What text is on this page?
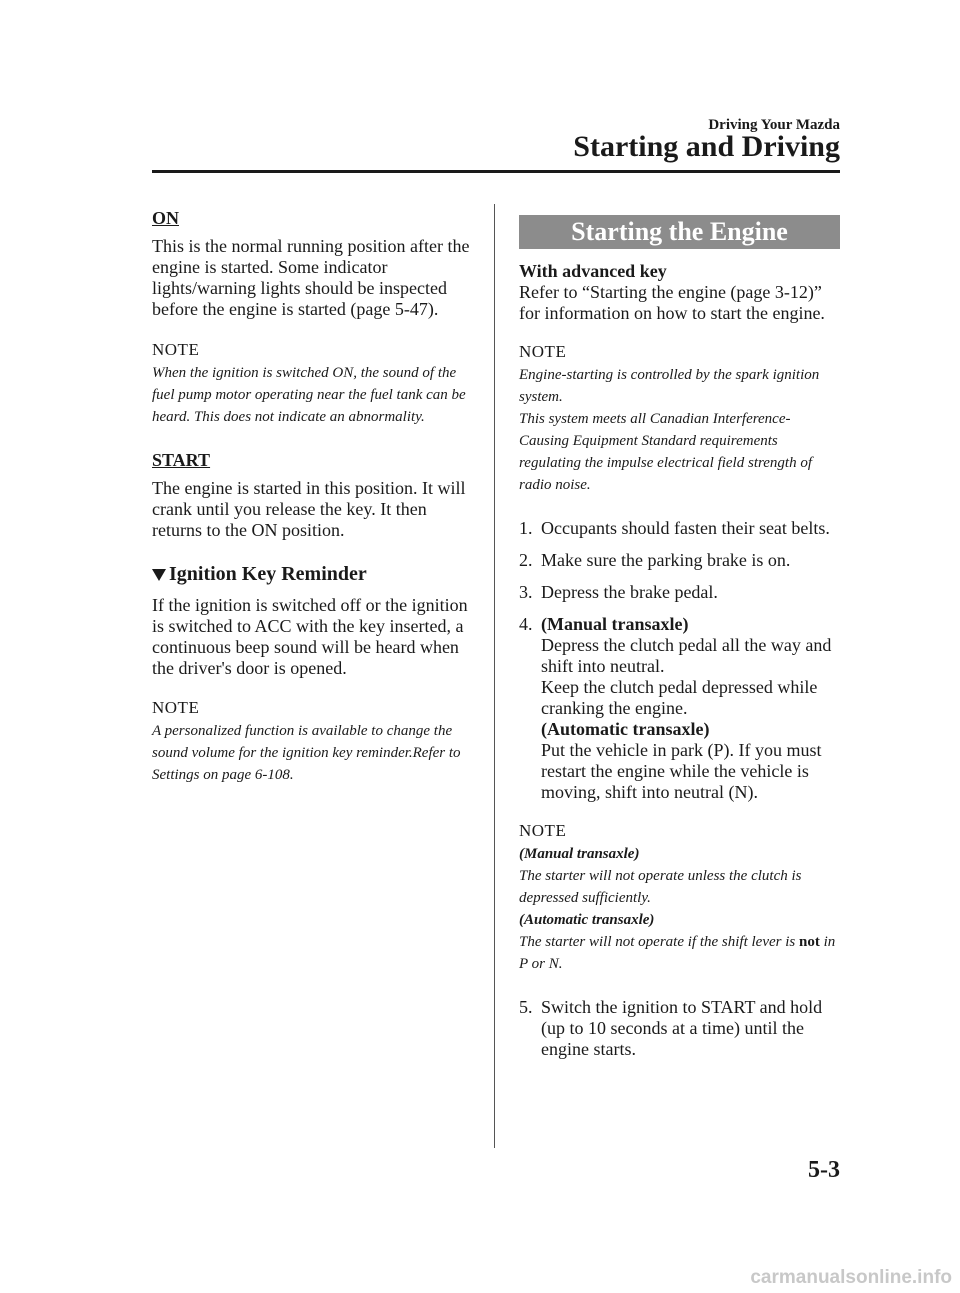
Driving Your Mazda
Starting and Driving

ON

This is the normal running position after the engine is started. Some indicator lights/warning lights should be inspected before the engine is started (page 5-47).

NOTE

When the ignition is switched ON, the sound of the fuel pump motor operating near the fuel tank can be heard. This does not indicate an abnormality.

START

The engine is started in this position. It will crank until you release the key. It then returns to the ON position.

Ignition Key Reminder

If the ignition is switched off or the ignition is switched to ACC with the key inserted, a continuous beep sound will be heard when the driver's door is opened.

NOTE

A personalized function is available to change the sound volume for the ignition key reminder.Refer to Settings on page 6-108.

Starting the Engine

With advanced key

Refer to “Starting the engine (page 3-12)” for information on how to start the engine.

NOTE

Engine-starting is controlled by the spark ignition system.

This system meets all Canadian Interference-Causing Equipment Standard requirements regulating the impulse electrical field strength of radio noise.

1. Occupants should fasten their seat belts.
2. Make sure the parking brake is on.
3. Depress the brake pedal.
4. (Manual transaxle)
Depress the clutch pedal all the way and shift into neutral.
Keep the clutch pedal depressed while cranking the engine.
(Automatic transaxle)
Put the vehicle in park (P). If you must restart the engine while the vehicle is moving, shift into neutral (N).

NOTE

(Manual transaxle)
The starter will not operate unless the clutch is depressed sufficiently.
(Automatic transaxle)
The starter will not operate if the shift lever is not in P or N.
5. Switch the ignition to START and hold (up to 10 seconds at a time) until the engine starts.
5-3
carmanualsonline.info
